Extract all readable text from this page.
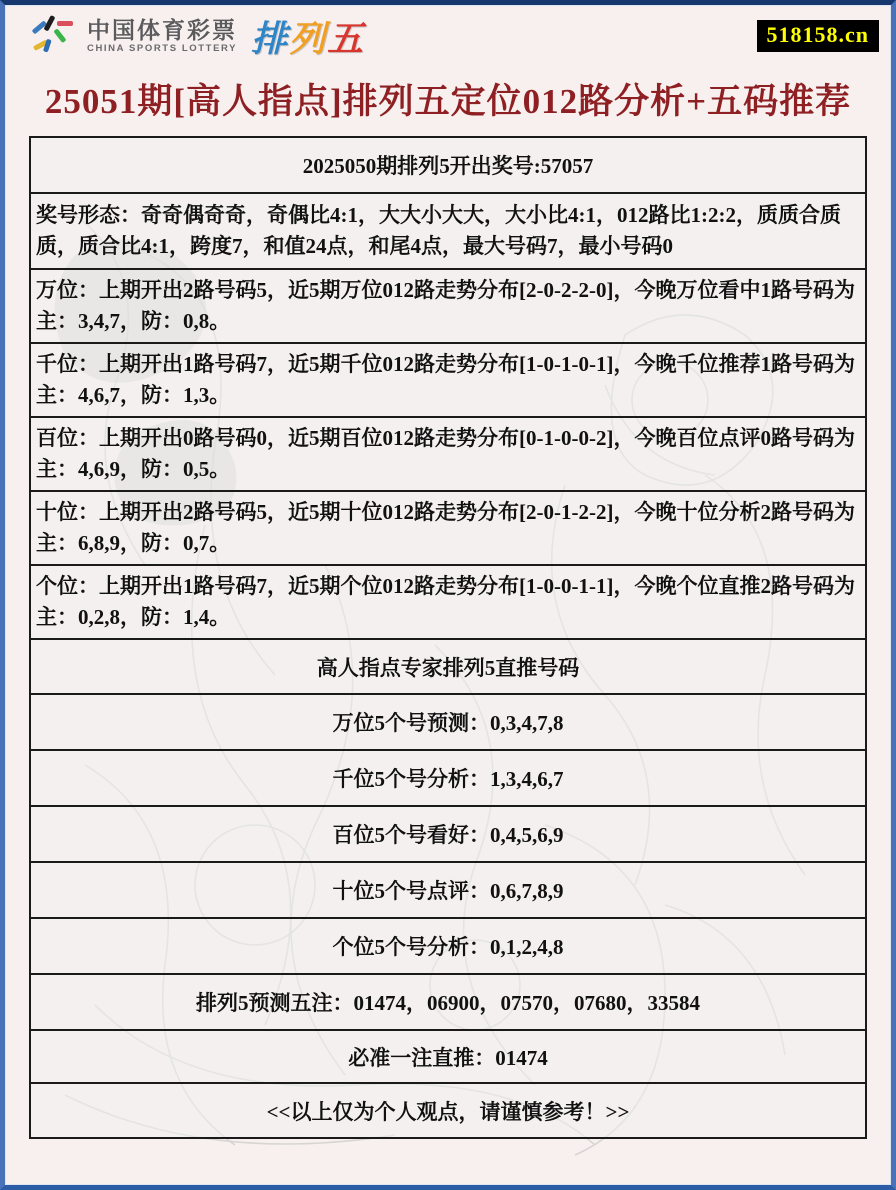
中国体育彩票
CHINA SPORTS LOTTERY 排列五	518158.cn
25051期[高人指点]排列五定位012路分析+五码推荐
2025050期排列5开出奖号:57057
奖号形态：奇奇偶奇奇，奇偶比4:1，大大小大大，大小比4:1，012路比1:2:2，质质合质质，质合比4:1，跨度7，和值24点，和尾4点，最大号码7，最小号码0
万位：上期开出2路号码5，近5期万位012路走势分布[2-0-2-2-0]，今晚万位看中1路号码为主：3,4,7，防：0,8。
千位：上期开出1路号码7，近5期千位012路走势分布[1-0-1-0-1]，今晚千位推荐1路号码为主：4,6,7，防：1,3。
百位：上期开出0路号码0，近5期百位012路走势分布[0-1-0-0-2]，今晚百位点评0路号码为主：4,6,9，防：0,5。
十位：上期开出2路号码5，近5期十位012路走势分布[2-0-1-2-2]，今晚十位分析2路号码为主：6,8,9，防：0,7。
个位：上期开出1路号码7，近5期个位012路走势分布[1-0-0-1-1]，今晚个位直推2路号码为主：0,2,8，防：1,4。
高人指点专家排列5直推号码
万位5个号预测：0,3,4,7,8
千位5个号分析：1,3,4,6,7
百位5个号看好：0,4,5,6,9
十位5个号点评：0,6,7,8,9
个位5个号分析：0,1,2,4,8
排列5预测五注：01474，06900，07570，07680，33584
必准一注直推：01474
<<以上仅为个人观点，请谨慎参考！>>
